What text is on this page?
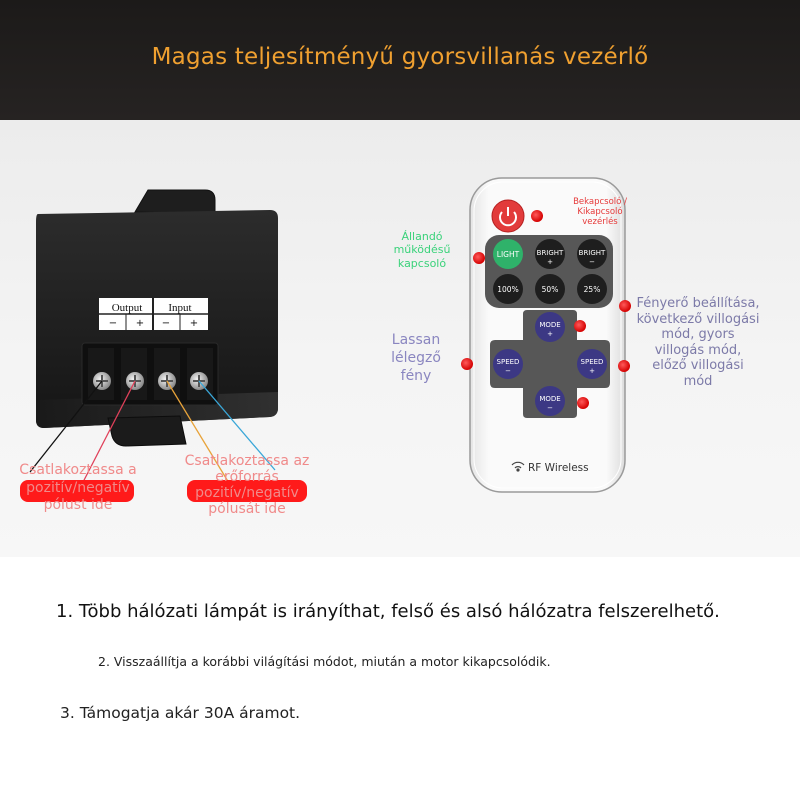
Magas teljesítményű gyorsvillanás vezérlő
Output Input
− + − +
LIGHT BRIGHT
+
BRIGHT
−
100%	50%	25%
MODE
+
SPEED
−
SPEED
+
MODE
−
RF Wireless
Bekapcsoló /
Kikapcsoló
vezérlés
Állandó
működésű
kapcsoló
Lassan
lélegző
fény
Fényerő beállítása,
következő villogási
mód, gyors
villogás mód,
előző villogási
mód
Csatlakoztassa a
pozitív/negatív
pólust ide
Csatlakoztassa az
erőforrás
pozitív/negatív
pólusát ide
1. Több hálózati lámpát is irányíthat, felső és alsó hálózatra felszerelhető.
2. Visszaállítja a korábbi világítási módot, miután a motor kikapcsolódik.
3. Támogatja akár 30A áramot.
